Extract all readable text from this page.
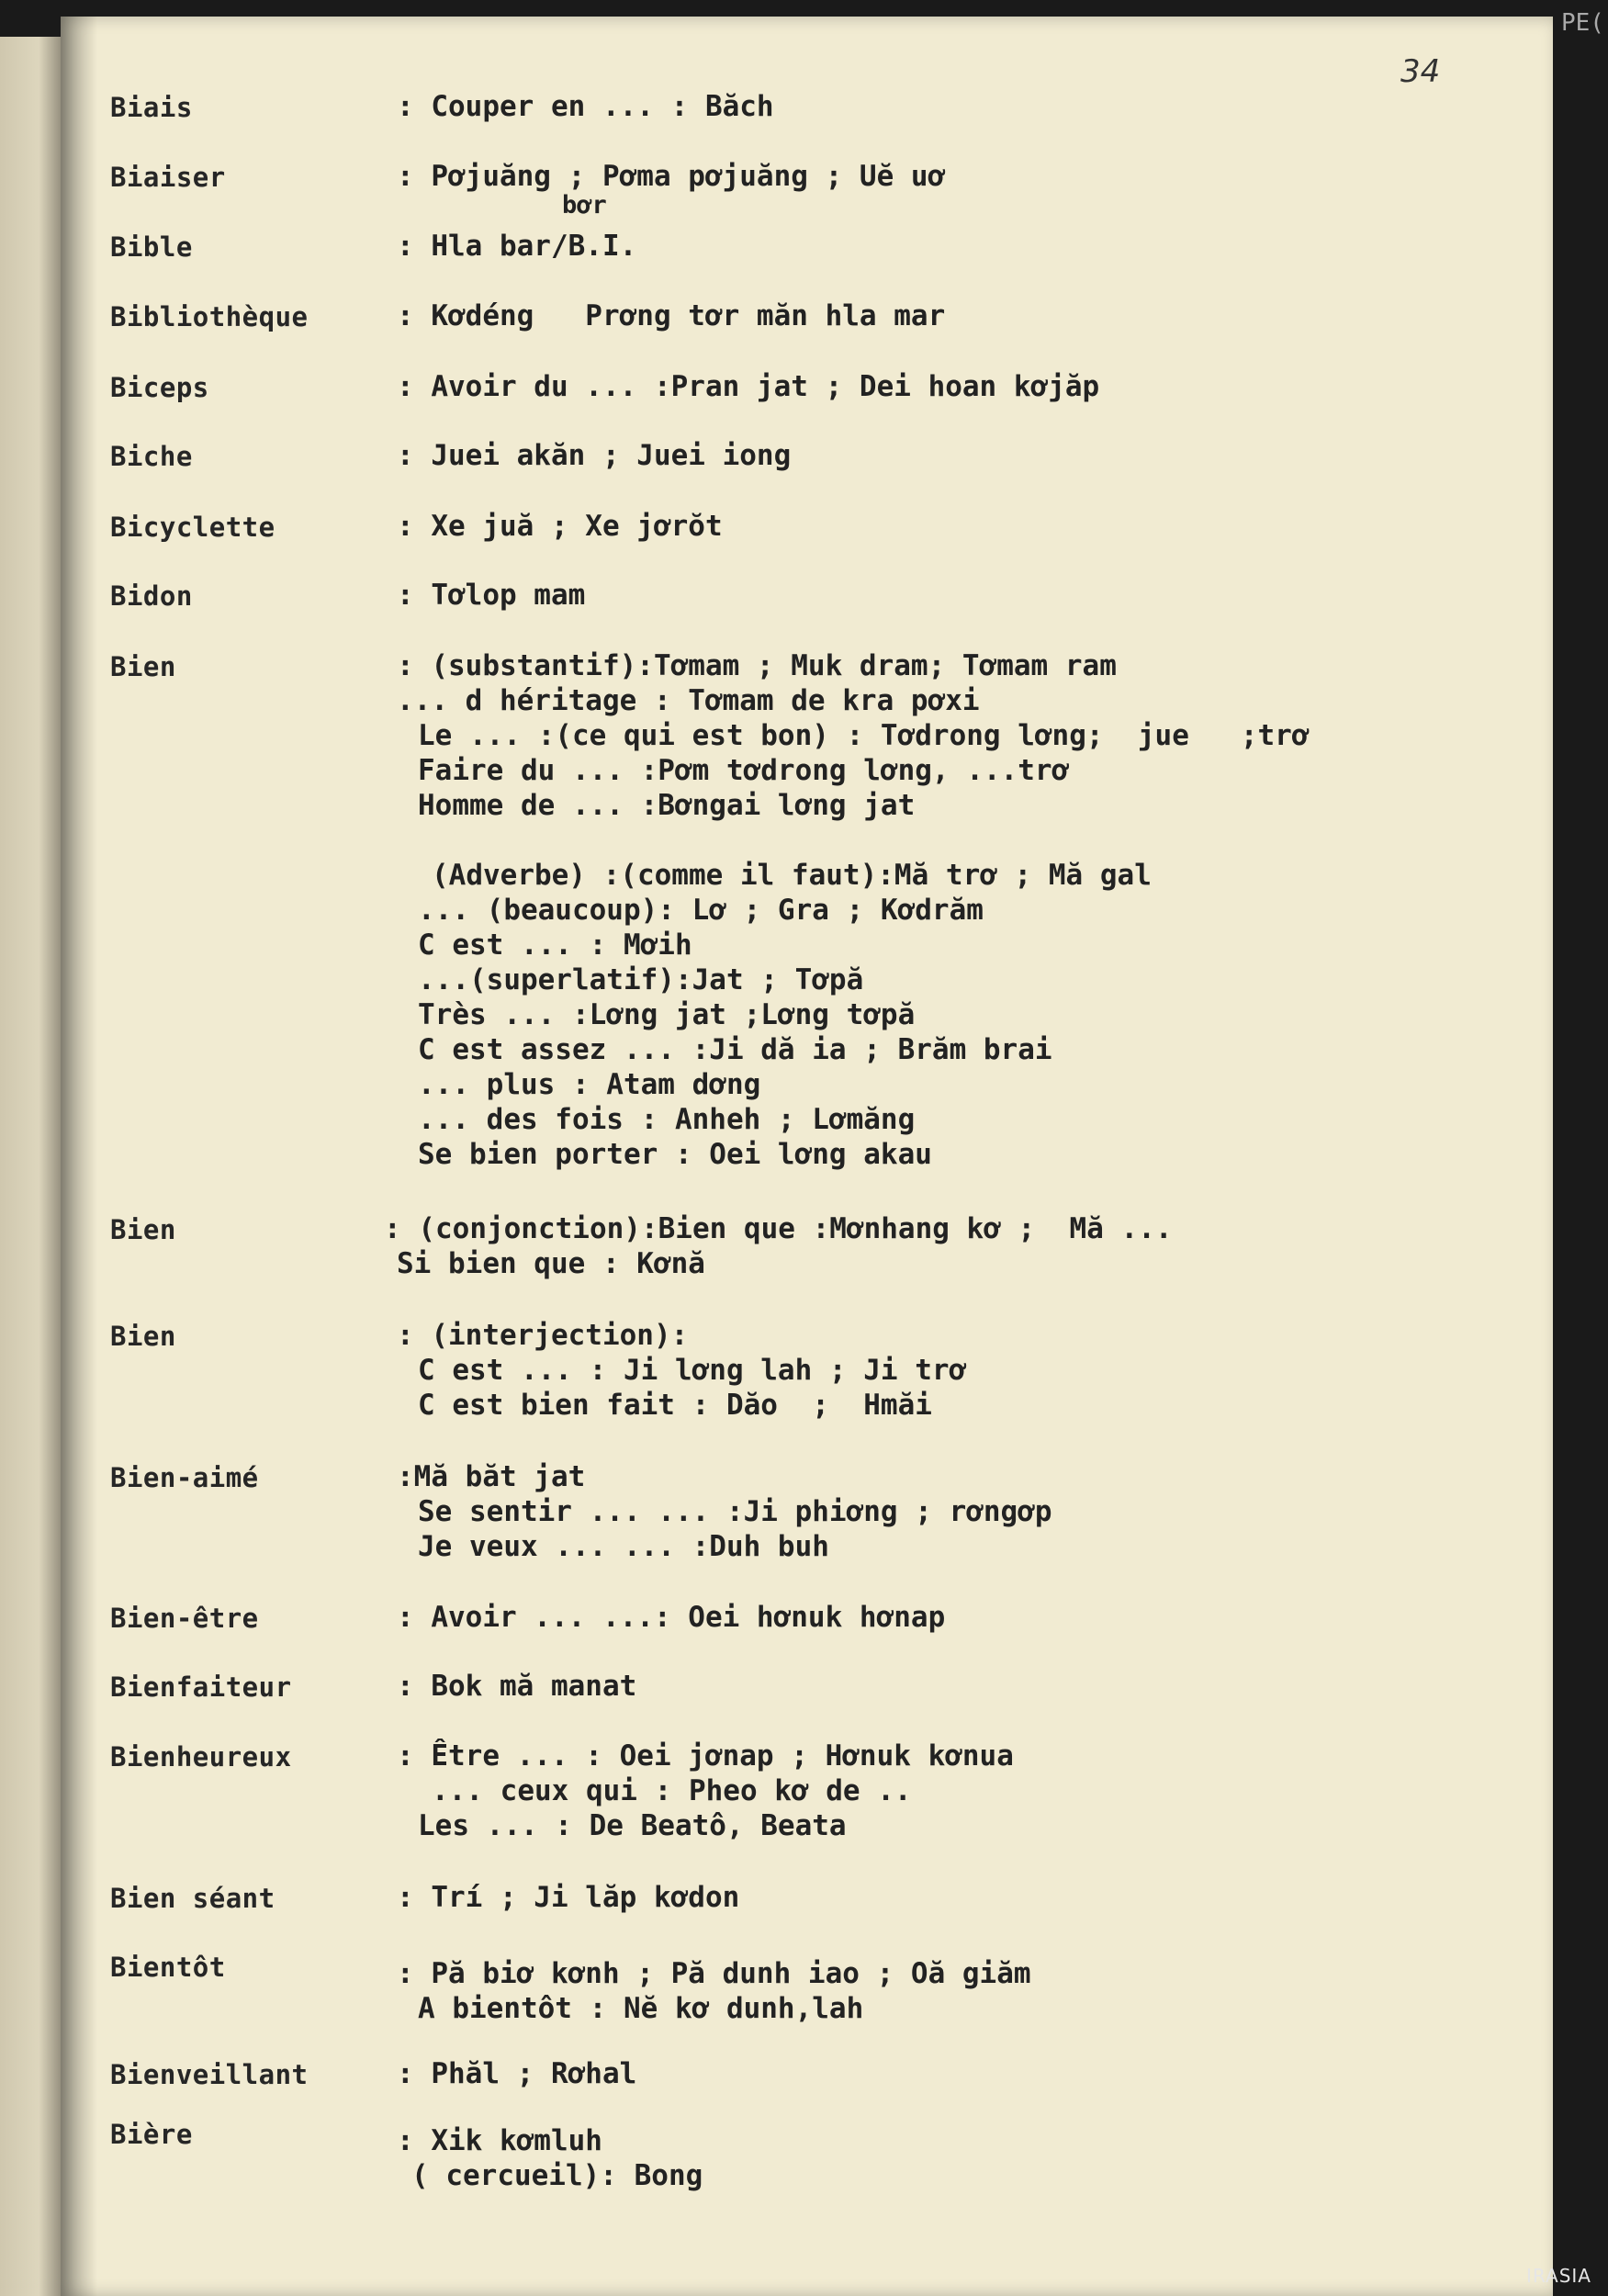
PE(
34
Biais	: Couper en ... : Băch
Biaiser	: Pơjuăng ; Pơma pơjuăng ; Uĕ uơ
bơr
Bible	: Hla bar/B.I.
Bibliothèque	: Kơdéng   Prơng tơr măn hla mar
Biceps	: Avoir du ... :Pran jat ; Dei hoan kơjăp
Biche	: Juei akăn ; Juei iong
Bicyclette	: Xe juă ; Xe jơrŏt
Bidon	: Tơlop mam
Bien	: (substantif):Tơmam ; Muk dram; Tơmam ram
... d héritage : Tơmam de kra pơxi
Le ... :(ce qui est bon) : Tơdrong lơng;  jue   ;trơ
Faire du ... :Pơm tơdrong lơng, ...trơ
Homme de ... :Bơngai lơng jat
(Adverbe) :(comme il faut):Mă trơ ; Mă gal
... (beaucoup): Lơ ; Gra ; Kơdrăm
C est ... : Mơih
...(superlatif):Jat ; Tơpă
Très ... :Lơng jat ;Lơng tơpă
C est assez ... :Ji dă ia ; Brăm brai
... plus : Atam dơng
... des fois : Anheh ; Lơmăng
Se bien porter : Oei lơng akau
Bien	: (conjonction):Bien que :Mơnhang kơ ;  Mă ...
Si bien que : Kơnă
Bien	: (interjection):
C est ... : Ji lơng lah ; Ji trơ
C est bien fait : Dăo  ;  Hmăi
Bien-aimé	:Mă băt jat
Se sentir ... ... :Ji phiơng ; rơngơp
Je veux ... ... :Duh buh
Bien-être	: Avoir ... ...: Oei hơnuk hơnap
Bienfaiteur	: Bok mă manat
Bienheureux	: Être ... : Oei jơnap ; Hơnuk kơnua
... ceux qui : Pheo kơ de ..
Les ... : De Beatô, Beata
Bien séant	: Trí ; Ji lăp kơdon
Bientôt	: Pă biơ kơnh ; Pă dunh iao ; Oă giăm
A bientôt : Nĕ kơ dunh,lah
Bienveillant	: Phăl ; Rơhal
Bière	: Xik kơmluh
( cercueil): Bong
IRASIA
